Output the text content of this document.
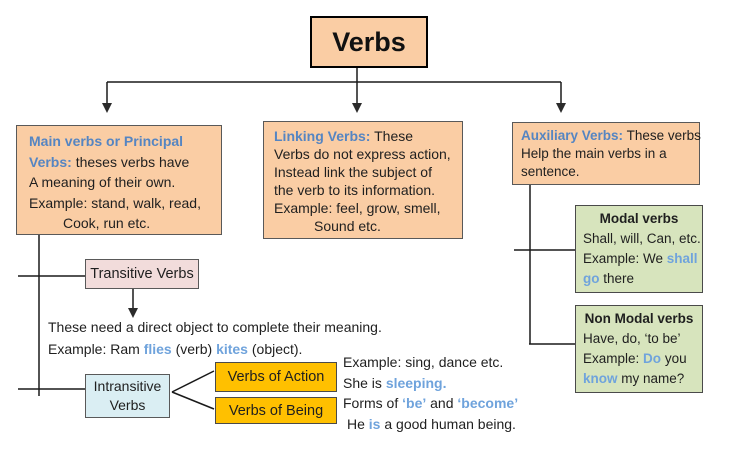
Verbs
Main verbs or Principal
Verbs: theses verbs have
A meaning of their own.
Example: stand, walk, read,
Cook, run etc.
Linking Verbs: These
Verbs do not express action,
Instead link the subject of
the verb to its information.
Example: feel, grow, smell,
Sound etc.
Auxiliary Verbs: These verbs
Help the main verbs in a
sentence.
Transitive Verbs
These need a direct object to complete their meaning.
Example: Ram flies (verb) kites (object).
Intransitive
Verbs
Verbs of Action
Verbs of Being
Example: sing, dance etc.
She is sleeping.
Forms of ‘be’ and ‘become’
He is a good human being.
Modal verbs
Shall, will, Can, etc.
Example: We shall
go there
Non Modal verbs
Have, do, ‘to be’
Example: Do you
know my name?
